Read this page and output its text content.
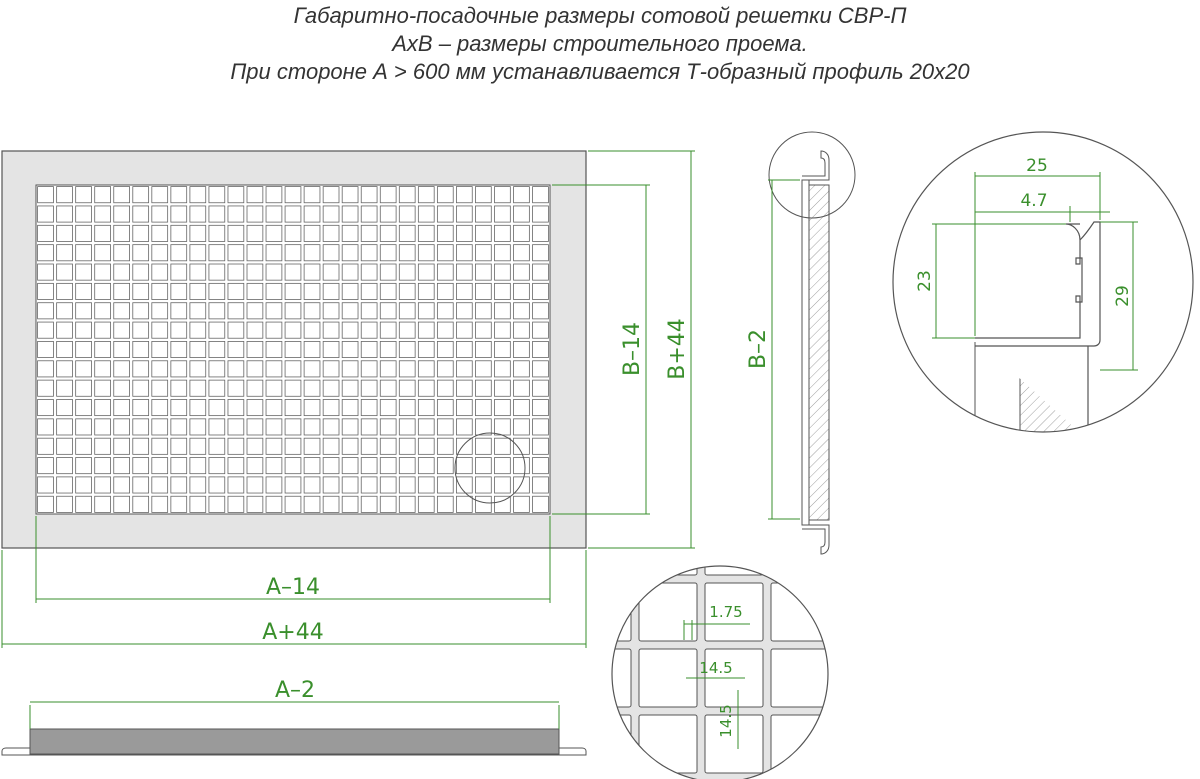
Габаритно-посадочные размеры сотовой решетки СВР-П
АхВ – размеры строительного проема.
При стороне А > 600 мм устанавливается Т-образный профиль 20х20
В–14 В+44
А–14
А+44
А–2
В–2
25
4.7
23
29
1.75
14.5
14.5
